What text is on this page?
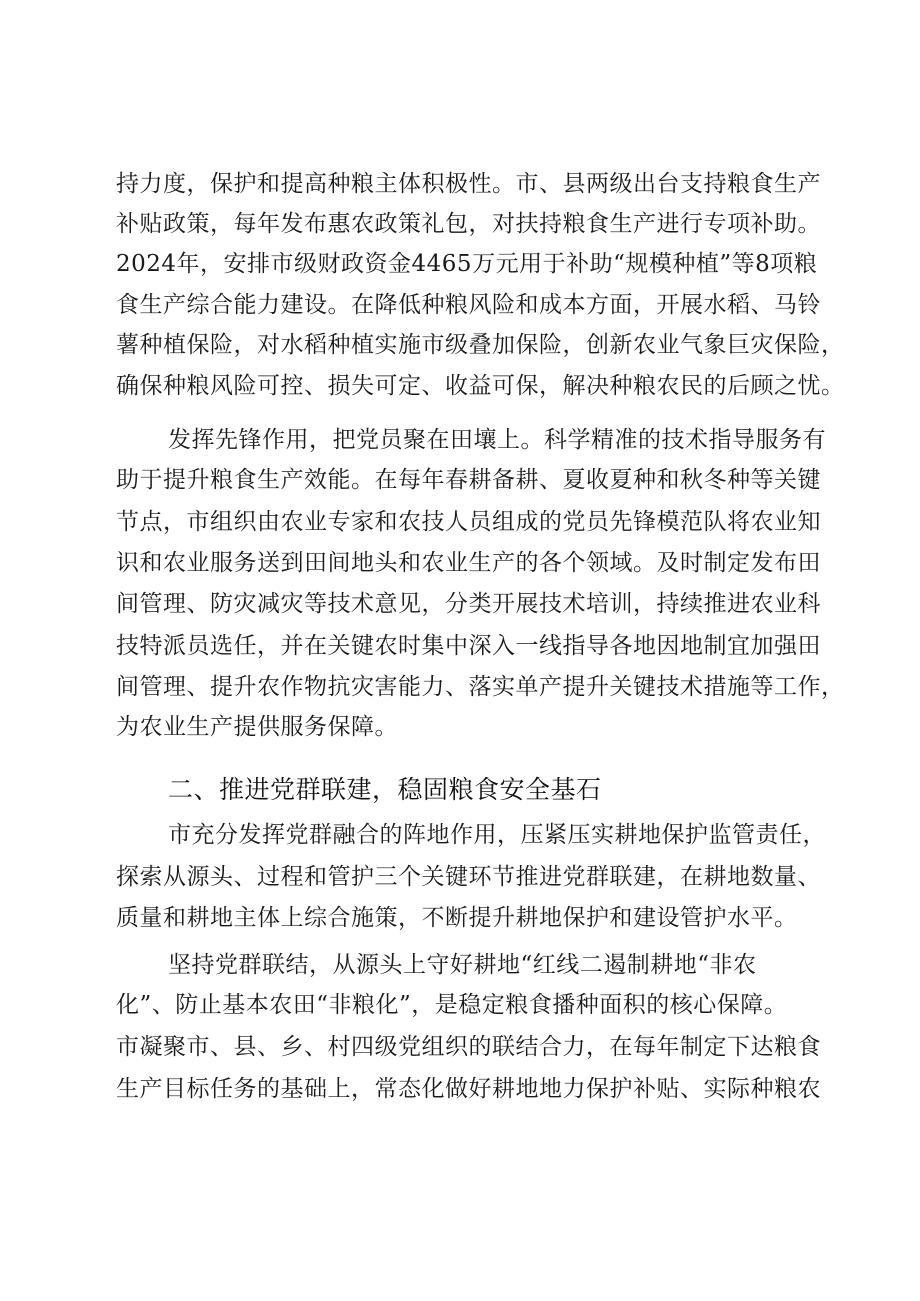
持力度，保护和提高种粮主体积极性。市、县两级出台支持粮食生产
补贴政策，每年发布惠农政策礼包，对扶持粮食生产进行专项补助。
2024年，安排市级财政资金4465万元用于补助“规模种植”等8项粮
食生产综合能力建设。在降低种粮风险和成本方面，开展水稻、马铃
薯种植保险，对水稻种植实施市级叠加保险，创新农业气象巨灾保险，
确保种粮风险可控、损失可定、收益可保，解决种粮农民的后顾之忧。
发挥先锋作用，把党员聚在田壤上。科学精准的技术指导服务有
助于提升粮食生产效能。在每年春耕备耕、夏收夏种和秋冬种等关键
节点，市组织由农业专家和农技人员组成的党员先锋模范队将农业知
识和农业服务送到田间地头和农业生产的各个领域。及时制定发布田
间管理、防灾减灾等技术意见，分类开展技术培训，持续推进农业科
技特派员选任，并在关键农时集中深入一线指导各地因地制宜加强田
间管理、提升农作物抗灾害能力、落实单产提升关键技术措施等工作，
为农业生产提供服务保障。
二、推进党群联建，稳固粮食安全基石
市充分发挥党群融合的阵地作用，压紧压实耕地保护监管责任，
探索从源头、过程和管护三个关键环节推进党群联建，在耕地数量、
质量和耕地主体上综合施策，不断提升耕地保护和建设管护水平。
坚持党群联结，从源头上守好耕地“红线二遏制耕地“非农
化”、防止基本农田“非粮化”，是稳定粮食播种面积的核心保障。
市凝聚市、县、乡、村四级党组织的联结合力，在每年制定下达粮食
生产目标任务的基础上，常态化做好耕地地力保护补贴、实际种粮农
